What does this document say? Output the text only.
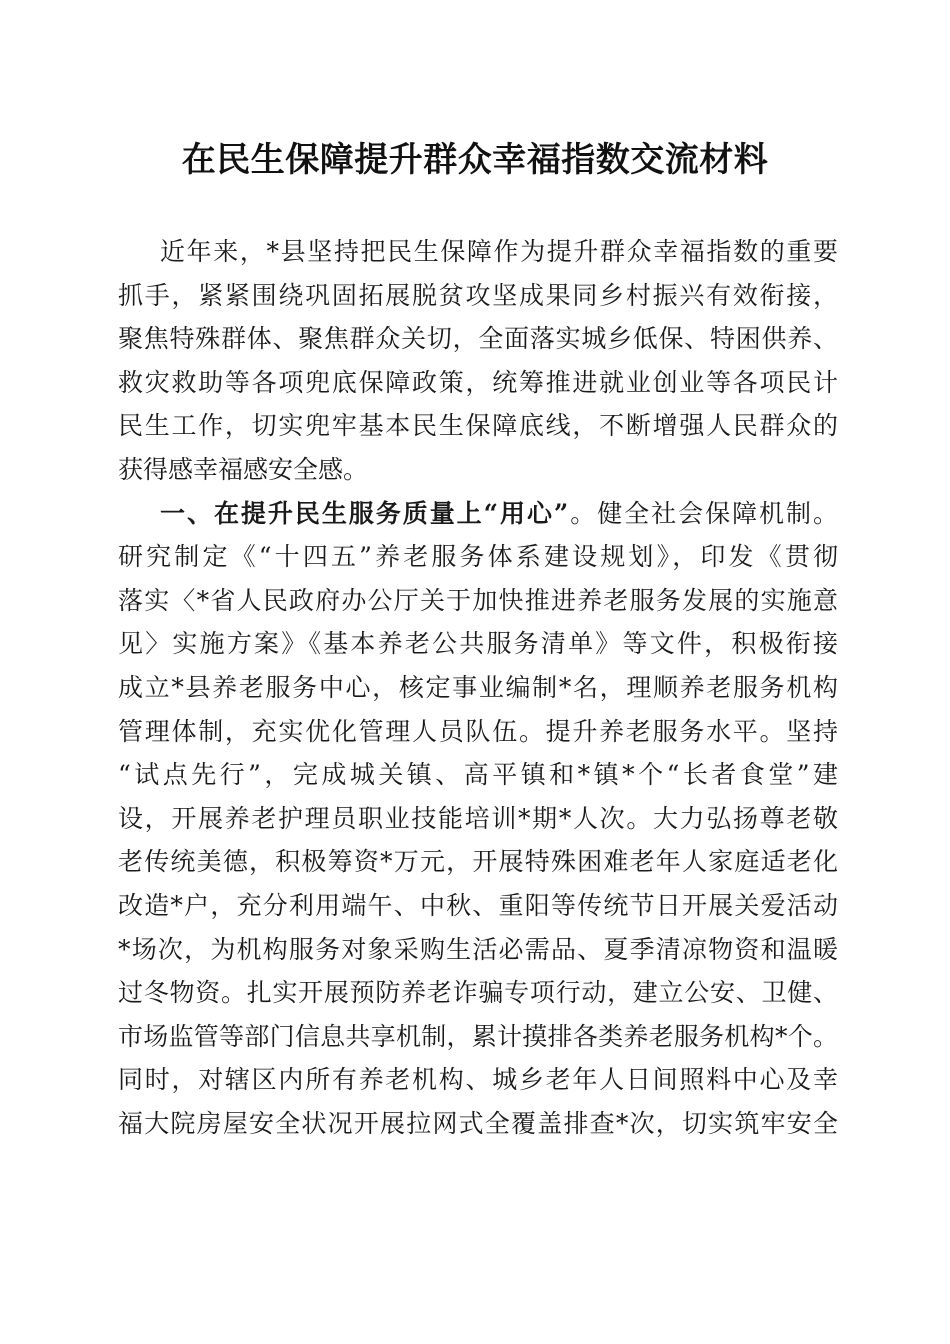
在民生保障提升群众幸福指数交流材料
近年来，*县坚持把民生保障作为提升群众幸福指数的重要
抓手，紧紧围绕巩固拓展脱贫攻坚成果同乡村振兴有效衔接，
聚焦特殊群体、聚焦群众关切，全面落实城乡低保、特困供养、
救灾救助等各项兜底保障政策，统筹推进就业创业等各项民计
民生工作，切实兜牢基本民生保障底线，不断增强人民群众的
获得感幸福感安全感。
一、在提升民生服务质量上“用心”。健全社会保障机制。
研究制定《“十四五”养老服务体系建设规划》，印发《贯彻
落实〈*省人民政府办公厅关于加快推进养老服务发展的实施意
见〉实施方案》《基本养老公共服务清单》等文件，积极衔接
成立*县养老服务中心，核定事业编制*名，理顺养老服务机构
管理体制，充实优化管理人员队伍。提升养老服务水平。坚持
“试点先行”，完成城关镇、高平镇和*镇*个“长者食堂”建
设，开展养老护理员职业技能培训*期*人次。大力弘扬尊老敬
老传统美德，积极筹资*万元，开展特殊困难老年人家庭适老化
改造*户，充分利用端午、中秋、重阳等传统节日开展关爱活动
*场次，为机构服务对象采购生活必需品、夏季清凉物资和温暖
过冬物资。扎实开展预防养老诈骗专项行动，建立公安、卫健、
市场监管等部门信息共享机制，累计摸排各类养老服务机构*个。
同时，对辖区内所有养老机构、城乡老年人日间照料中心及幸
福大院房屋安全状况开展拉网式全覆盖排查*次，切实筑牢安全
